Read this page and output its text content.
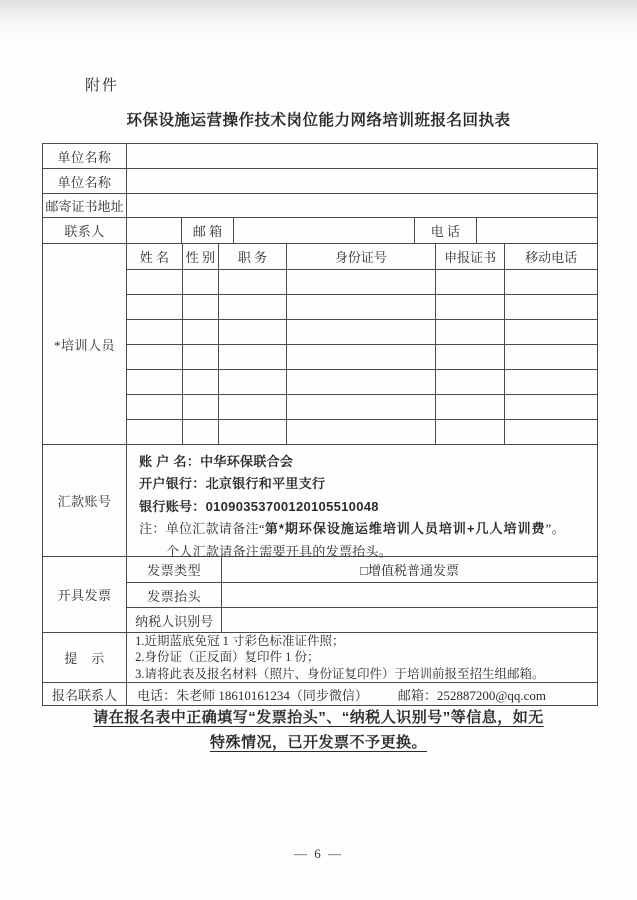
附件
环保设施运营操作技术岗位能力网络培训班报名回执表
单位名称
单位名称
邮寄证书地址
联系人	邮 箱	电 话
*培训人员
姓 名	性 别	职 务	身份证号	申报证书	移动电话
汇款账号
账 户 名：中华环保联合会
开户银行：北京银行和平里支行
银行账号：01090353700120105510048
注：单位汇款请备注“第*期环保设施运维培训人员培训+几人培训费”。
个人汇款请备注需要开具的发票抬头。
开具发票
发票类型	□增值税普通发票
发票抬头
纳税人识别号
提　示
1.近期蓝底免冠 1 寸彩色标准证件照；
2.身份证（正反面）复印件 1 份；
3.请将此表及报名材料（照片、身份证复印件）于培训前报至招生组邮箱。
报名联系人	电话：朱老师 18610161234（同步微信） 邮箱：252887200@qq.com
请在报名表中正确填写“发票抬头”、“纳税人识别号”等信息，如无
特殊情况，已开发票不予更换。
— 6 —
